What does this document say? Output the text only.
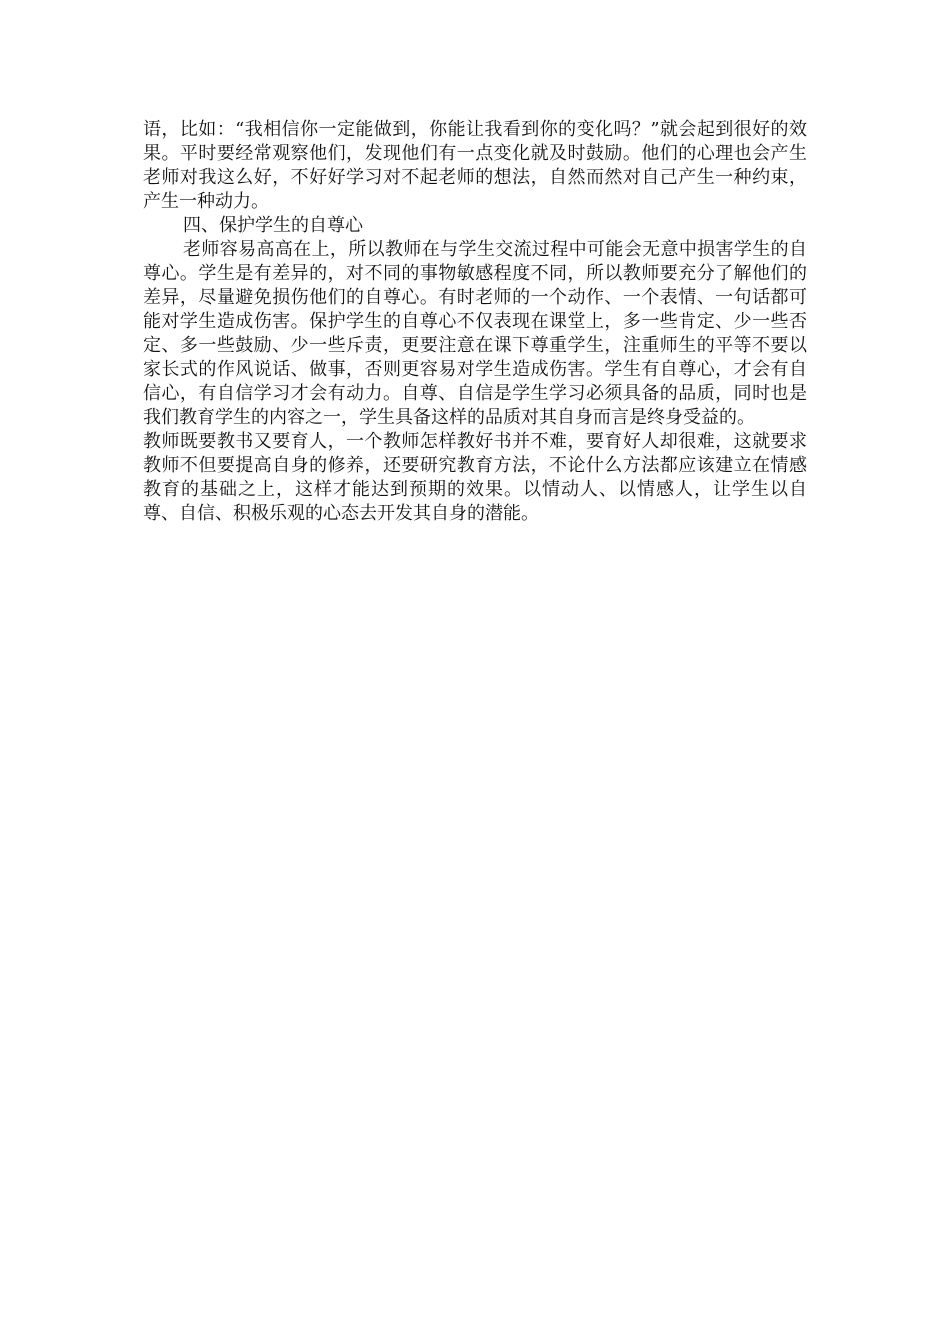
语，比如：“我相信你一定能做到，你能让我看到你的变化吗？”就会起到很好的效果。平时要经常观察他们，发现他们有一点变化就及时鼓励。他们的心理也会产生老师对我这么好，不好好学习对不起老师的想法，自然而然对自己产生一种约束，产生一种动力。

四、保护学生的自尊心

老师容易高高在上，所以教师在与学生交流过程中可能会无意中损害学生的自尊心。学生是有差异的，对不同的事物敏感程度不同，所以教师要充分了解他们的差异，尽量避免损伤他们的自尊心。有时老师的一个动作、一个表情、一句话都可能对学生造成伤害。保护学生的自尊心不仅表现在课堂上，多一些肯定、少一些否定、多一些鼓励、少一些斥责，更要注意在课下尊重学生，注重师生的平等不要以家长式的作风说话、做事，否则更容易对学生造成伤害。学生有自尊心，才会有自信心，有自信学习才会有动力。自尊、自信是学生学习必须具备的品质，同时也是我们教育学生的内容之一，学生具备这样的品质对其自身而言是终身受益的。

教师既要教书又要育人，一个教师怎样教好书并不难，要育好人却很难，这就要求教师不但要提高自身的修养，还要研究教育方法，不论什么方法都应该建立在情感教育的基础之上，这样才能达到预期的效果。以情动人、以情感人，让学生以自尊、自信、积极乐观的心态去开发其自身的潜能。
